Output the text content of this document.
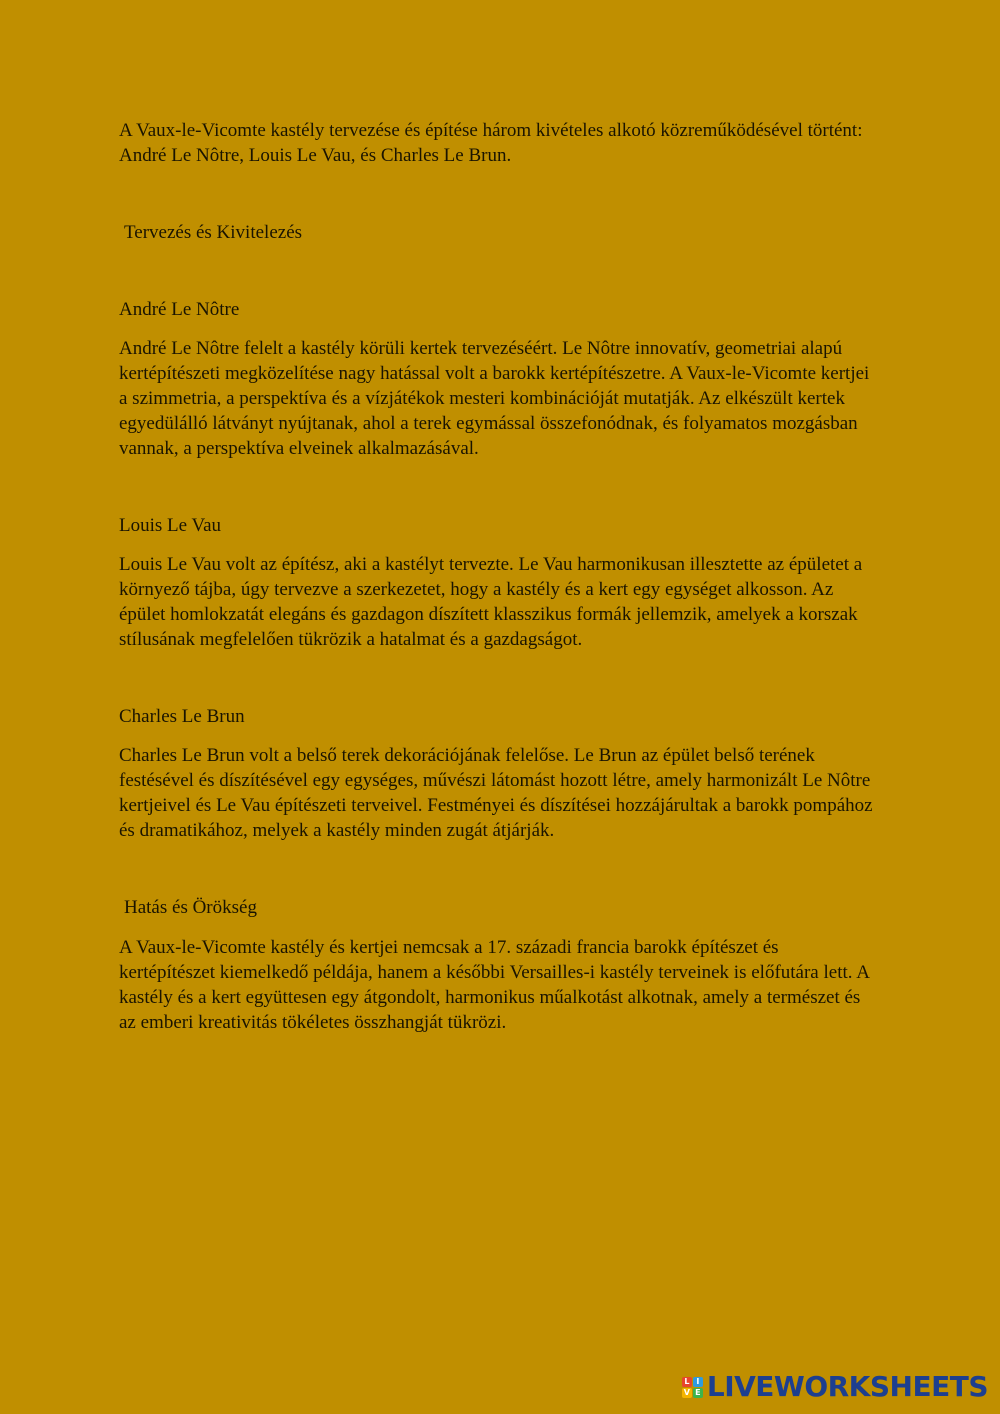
A Vaux-le-Vicomte kastély tervezése és építése három kivételes alkotó közreműködésével történt: André Le Nôtre, Louis Le Vau, és Charles Le Brun.

Tervezés és Kivitelezés

André Le Nôtre

André Le Nôtre felelt a kastély körüli kertek tervezéséért. Le Nôtre innovatív, geometriai alapú kertépítészeti megközelítése nagy hatással volt a barokk kertépítészetre. A Vaux-le-Vicomte kertjei a szimmetria, a perspektíva és a vízjátékok mesteri kombinációját mutatják. Az elkészült kertek egyedülálló látványt nyújtanak, ahol a terek egymással összefonódnak, és folyamatos mozgásban vannak, a perspektíva elveinek alkalmazásával.

Louis Le Vau

Louis Le Vau volt az építész, aki a kastélyt tervezte. Le Vau harmonikusan illesztette az épületet a környező tájba, úgy tervezve a szerkezetet, hogy a kastély és a kert egy egységet alkosson. Az épület homlokzatát elegáns és gazdagon díszített klasszikus formák jellemzik, amelyek a korszak stílusának megfelelően tükrözik a hatalmat és a gazdagságot.

Charles Le Brun

Charles Le Brun volt a belső terek dekorációjának felelőse. Le Brun az épület belső terének festésével és díszítésével egy egységes, művészi látomást hozott létre, amely harmonizált Le Nôtre kertjeivel és Le Vau építészeti terveivel. Festményei és díszítései hozzájárultak a barokk pompához és dramatikához, melyek a kastély minden zugát átjárják.

Hatás és Örökség

A Vaux-le-Vicomte kastély és kertjei nemcsak a 17. századi francia barokk építészet és kertépítészet kiemelkedő példája, hanem a későbbi Versailles-i kastély terveinek is előfutára lett. A kastély és a kert együttesen egy átgondolt, harmonikus műalkotást alkotnak, amely a természet és az emberi kreativitás tökéletes összhangját tükrözi.

L I
V E LIVEWORKSHEETS
